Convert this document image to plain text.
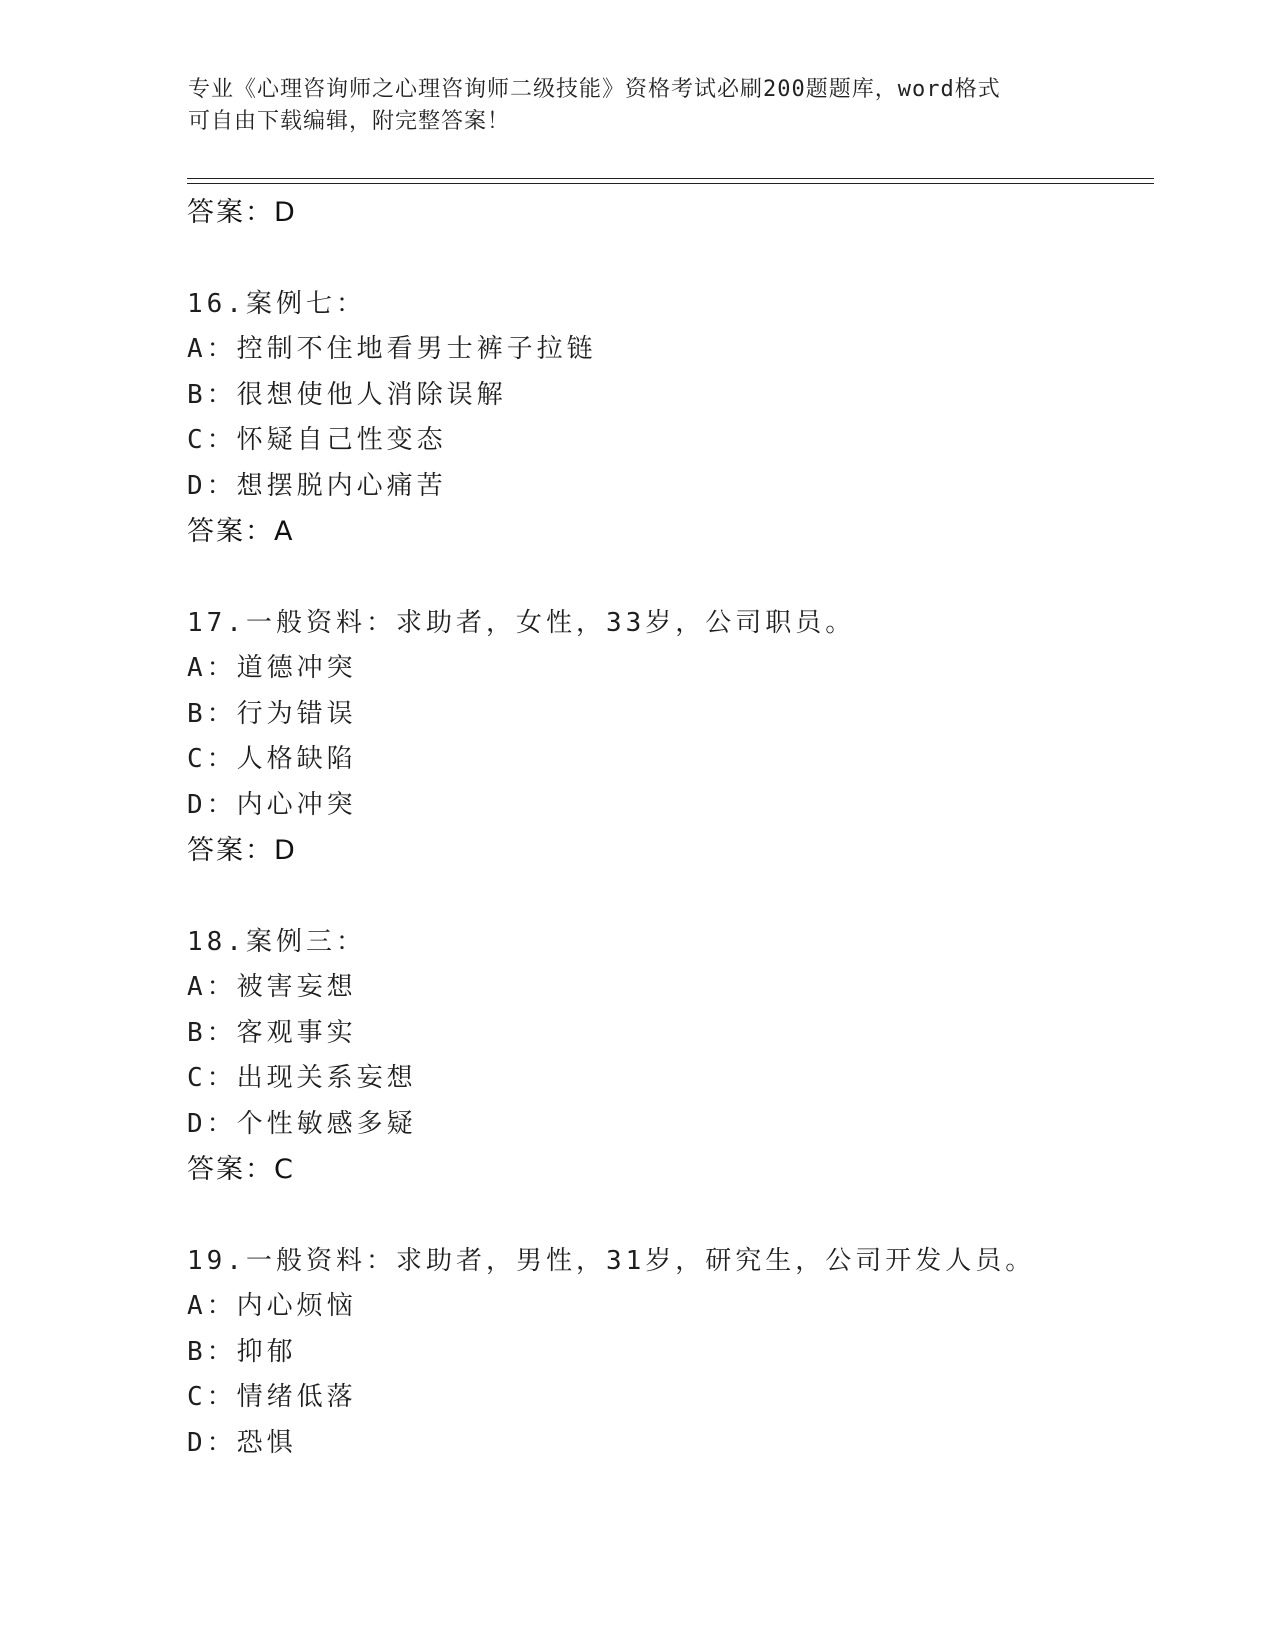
专业《心理咨询师之心理咨询师二级技能》资格考试必刷200题题库，word格式
可自由下载编辑，附完整答案！
答案：D
16.案例七：
A：控制不住地看男士裤子拉链
B：很想使他人消除误解
C：怀疑自己性变态
D：想摆脱内心痛苦
答案：A
17.一般资料：求助者，女性，33岁，公司职员。
A：道德冲突
B：行为错误
C：人格缺陷
D：内心冲突
答案：D
18.案例三：
A：被害妄想
B：客观事实
C：出现关系妄想
D：个性敏感多疑
答案：C
19.一般资料：求助者，男性，31岁，研究生，公司开发人员。
A：内心烦恼
B：抑郁
C：情绪低落
D：恐惧
